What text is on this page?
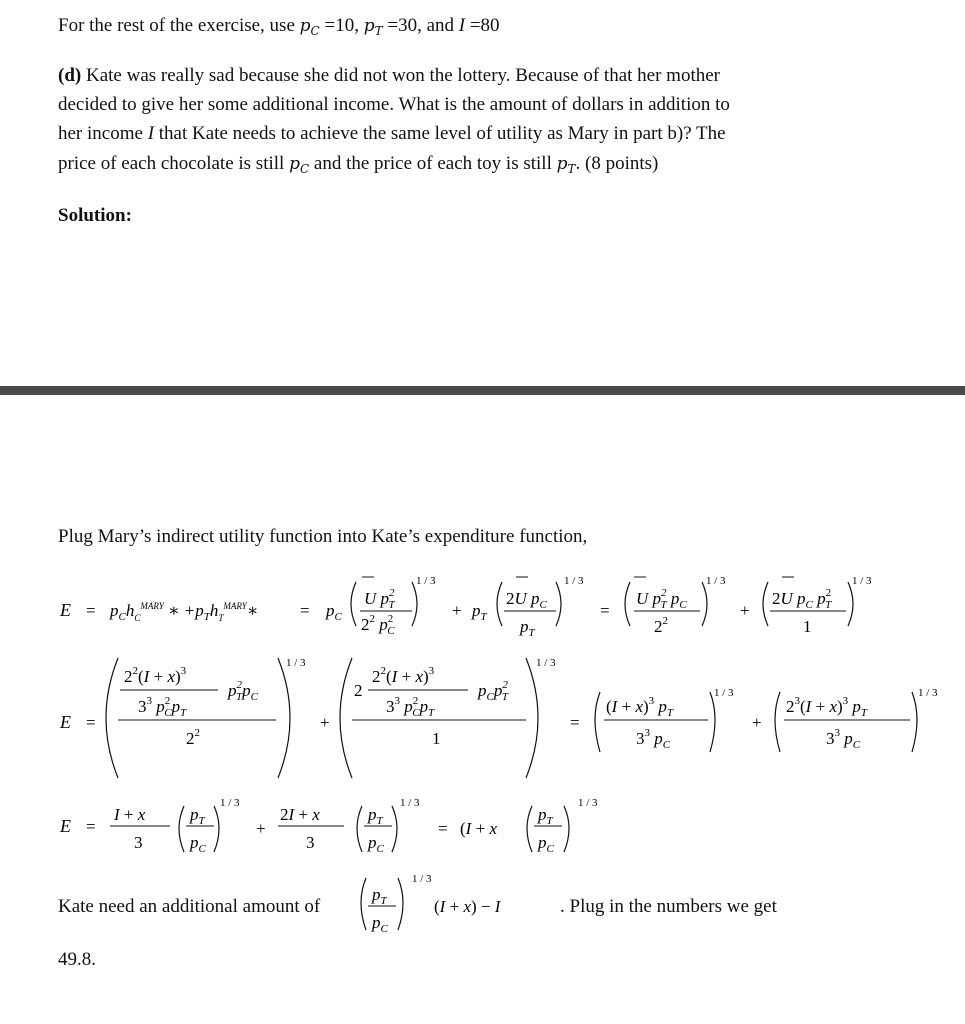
For the rest of the exercise, use $p_C =10$, $p_T =30$, and I =80
(d) Kate was really sad because she did not won the lottery. Because of that her mother
decided to give her some additional income. What is the amount of dollars in addition to
her income I that Kate needs to achieve the same level of utility as Mary in part b)? The
price of each chocolate is still $p_C$ and the price of each toy is still $p_T$. (8 points)
Solution:
Plug Mary’s indirect utility function into Kate’s expenditure function,
$E = p_Ch_C^{MARY}$ ∗ $+p_Th_T^{MARY}∗ = p_C$
U $p^2$ T
$2^2$ $p^2$ C
1 / 3
+ $p_T$
2U $p_C$
$p_T$
1 / 3
=
U $p^2$ T $p_C$
$2^2$
1 / 3
+
2U $p_C$ $p^2$ T
1
1 / 3
E =
$2^2(I + x)^3$
$3^3$ $p^2$ $Cp_T$
$p^2$ $Tp_C$
$2^2$
1 / 3
+
2
$2^2(I + x)^3$
$3^3$ $p^2$ $Cp_T$
$p_Cp^2$ T
1
1 / 3
=
$(I + x)^3$ $p_T$
$3^3$ $p_C$
1 / 3
+
$2^3(I + x)^3$ $p_T$
$3^3$ $p_C$
1 / 3
E =
I + x
3
$p_T$
$p_C$
1 / 3
+
2I + x
3
$p_T$
$p_C$
1 / 3
= (I + x
$p_T$
$p_C$
1 / 3
Kate need an additional amount of
$p_T$
$p_C$
1 / 3
(I + x) − I	. Plug in the numbers we get
49.8.
